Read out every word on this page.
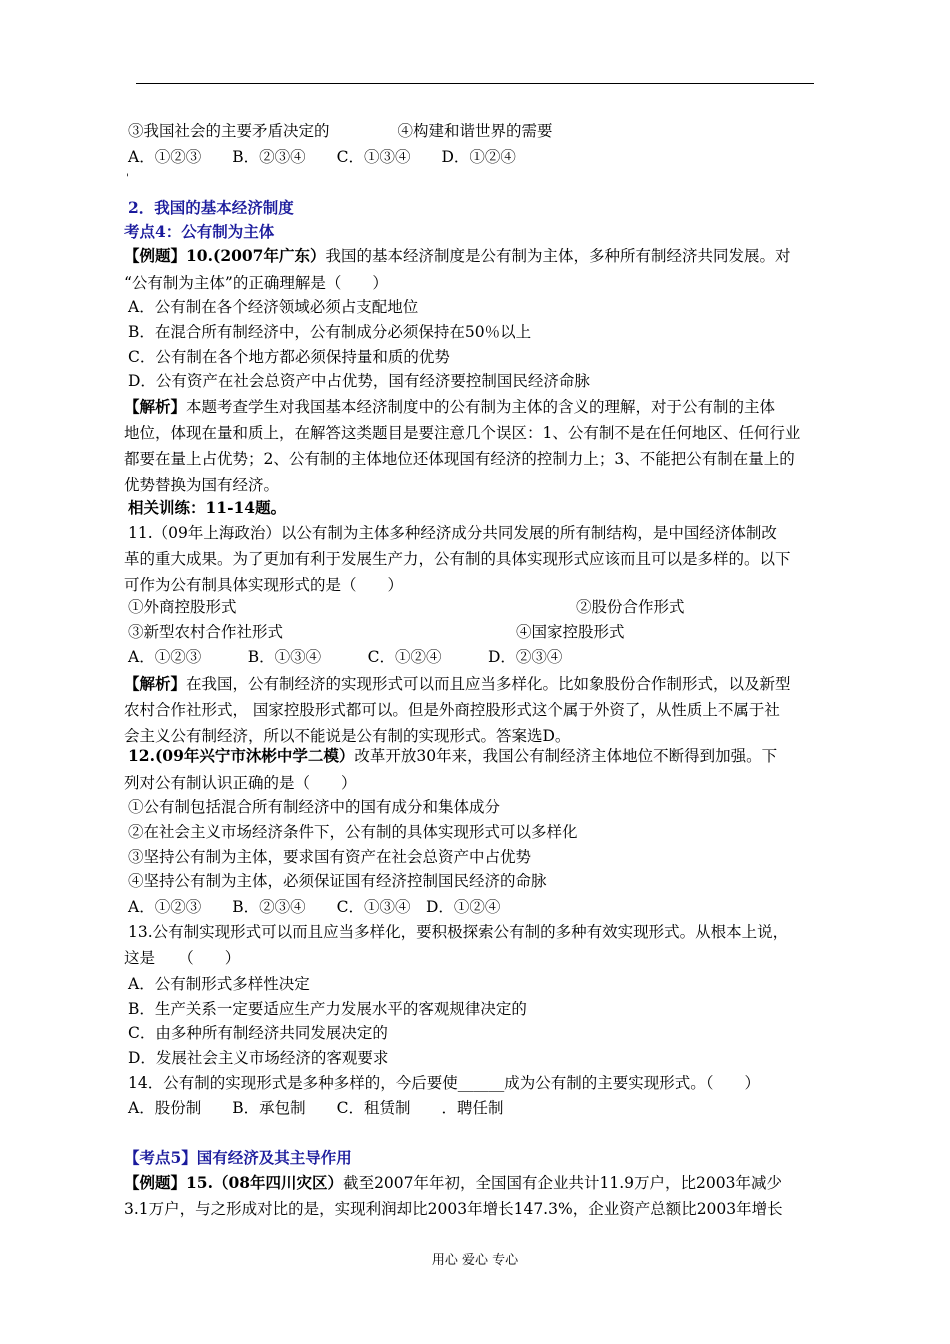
③我国社会的主要矛盾决定的	④构建和谐世界的需要
A．①②③　　B．②③④　　C．①③④　　D．①②④
'
2．我国的基本经济制度
考点4：公有制为主体
【例题】10.(2007年广东）我国的基本经济制度是公有制为主体，多种所有制经济共同发展。对
“公有制为主体”的正确理解是（　　）
A．公有制在各个经济领域必须占支配地位
B．在混合所有制经济中，公有制成分必须保持在50％以上
C．公有制在各个地方都必须保持量和质的优势
D．公有资产在社会总资产中占优势，国有经济要控制国民经济命脉
【解析】本题考查学生对我国基本经济制度中的公有制为主体的含义的理解，对于公有制的主体
地位，体现在量和质上，在解答这类题目是要注意几个误区：1、公有制不是在任何地区、任何行业
都要在量上占优势；2、公有制的主体地位还体现国有经济的控制力上；3、不能把公有制在量上的
优势替换为国有经济。
相关训练：11-14题。
11.（09年上海政治）以公有制为主体多种经济成分共同发展的所有制结构，是中国经济体制改
革的重大成果。为了更加有利于发展生产力，公有制的具体实现形式应该而且可以是多样的。以下
可作为公有制具体实现形式的是（　　）
①外商控股形式	②股份合作形式
③新型农村合作社形式	④国家控股形式
A．①②③　　　B．①③④　　　C．①②④　　　D．②③④
【解析】在我国，公有制经济的实现形式可以而且应当多样化。比如象股份合作制形式，以及新型
农村合作社形式， 国家控股形式都可以。但是外商控股形式这个属于外资了，从性质上不属于社
会主义公有制经济，所以不能说是公有制的实现形式。答案选D。
12.(09年兴宁市沐彬中学二模）改革开放30年来，我国公有制经济主体地位不断得到加强。下
列对公有制认识正确的是（　　）
①公有制包括混合所有制经济中的国有成分和集体成分
②在社会主义市场经济条件下，公有制的具体实现形式可以多样化
③坚持公有制为主体，要求国有资产在社会总资产中占优势
④坚持公有制为主体，必须保证国有经济控制国民经济的命脉
A．①②③　　B．②③④　　C．①③④　D．①②④
13.公有制实现形式可以而且应当多样化，要积极探索公有制的多种有效实现形式。从根本上说，
这是　　（　　）
A．公有制形式多样性决定
B．生产关系一定要适应生产力发展水平的客观规律决定的
C．由多种所有制经济共同发展决定的
D．发展社会主义市场经济的客观要求
14．公有制的实现形式是多种多样的，今后要使______成为公有制的主要实现形式。（　　）
A．股份制　　B．承包制　　C．租赁制　　．聘任制
【考点5】国有经济及其主导作用
【例题】15.（08年四川灾区）截至2007年年初，全国国有企业共计11.9万户，比2003年减少
3.1万户，与之形成对比的是，实现利润却比2003年增长147.3%，企业资产总额比2003年增长
用心 爱心 专心
